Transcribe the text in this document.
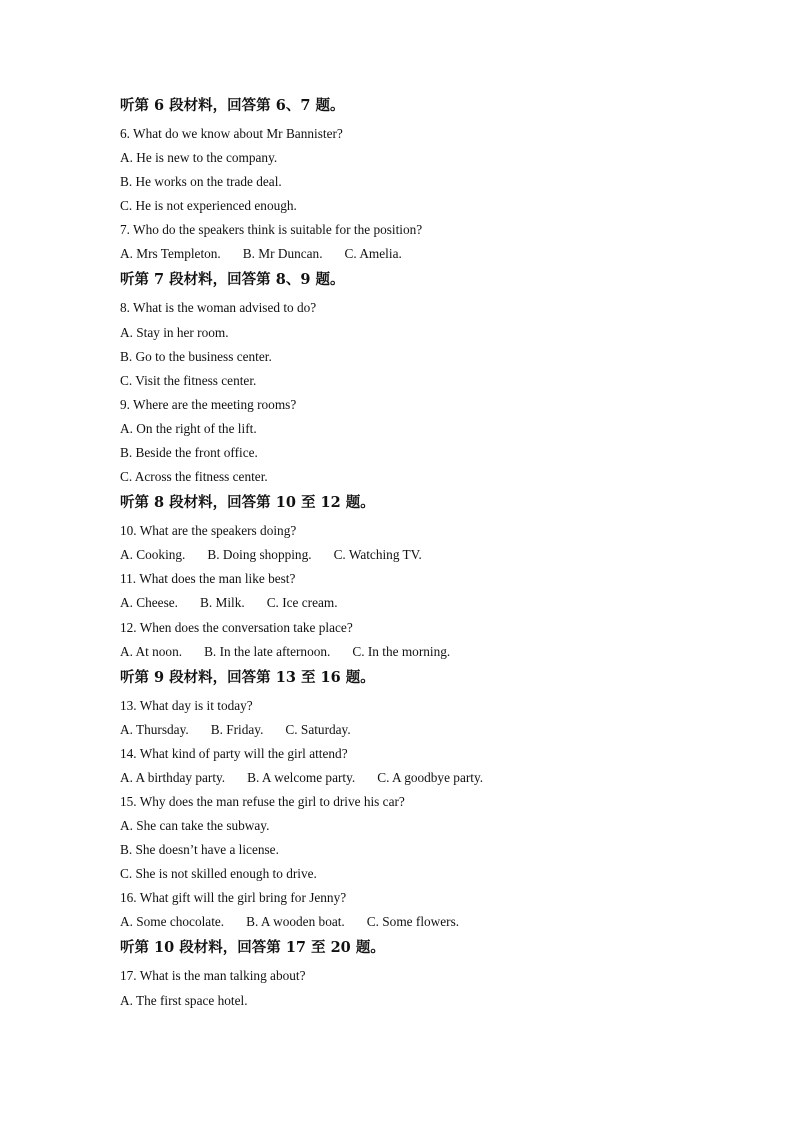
听第 6 段材料，回答第 6、7 题。
6. What do we know about Mr Bannister?
A. He is new to the company.
B. He works on the trade deal.
C. He is not experienced enough.
7. Who do the speakers think is suitable for the position?
A. Mrs Templeton. B. Mr Duncan. C. Amelia.
听第 7 段材料，回答第 8、9 题。
8. What is the woman advised to do?
A. Stay in her room.
B. Go to the business center.
C. Visit the fitness center.
9. Where are the meeting rooms?
A. On the right of the lift.
B. Beside the front office.
C. Across the fitness center.
听第 8 段材料，回答第 10 至 12 题。
10. What are the speakers doing?
A. Cooking. B. Doing shopping. C. Watching TV.
11. What does the man like best?
A. Cheese. B. Milk. C. Ice cream.
12. When does the conversation take place?
A. At noon. B. In the late afternoon. C. In the morning.
听第 9 段材料，回答第 13 至 16 题。
13. What day is it today?
A. Thursday. B. Friday. C. Saturday.
14. What kind of party will the girl attend?
A. A birthday party. B. A welcome party. C. A goodbye party.
15. Why does the man refuse the girl to drive his car?
A. She can take the subway.
B. She doesn’t have a license.
C. She is not skilled enough to drive.
16. What gift will the girl bring for Jenny?
A. Some chocolate. B. A wooden boat. C. Some flowers.
听第 10 段材料，回答第 17 至 20 题。
17. What is the man talking about?
A. The first space hotel.
